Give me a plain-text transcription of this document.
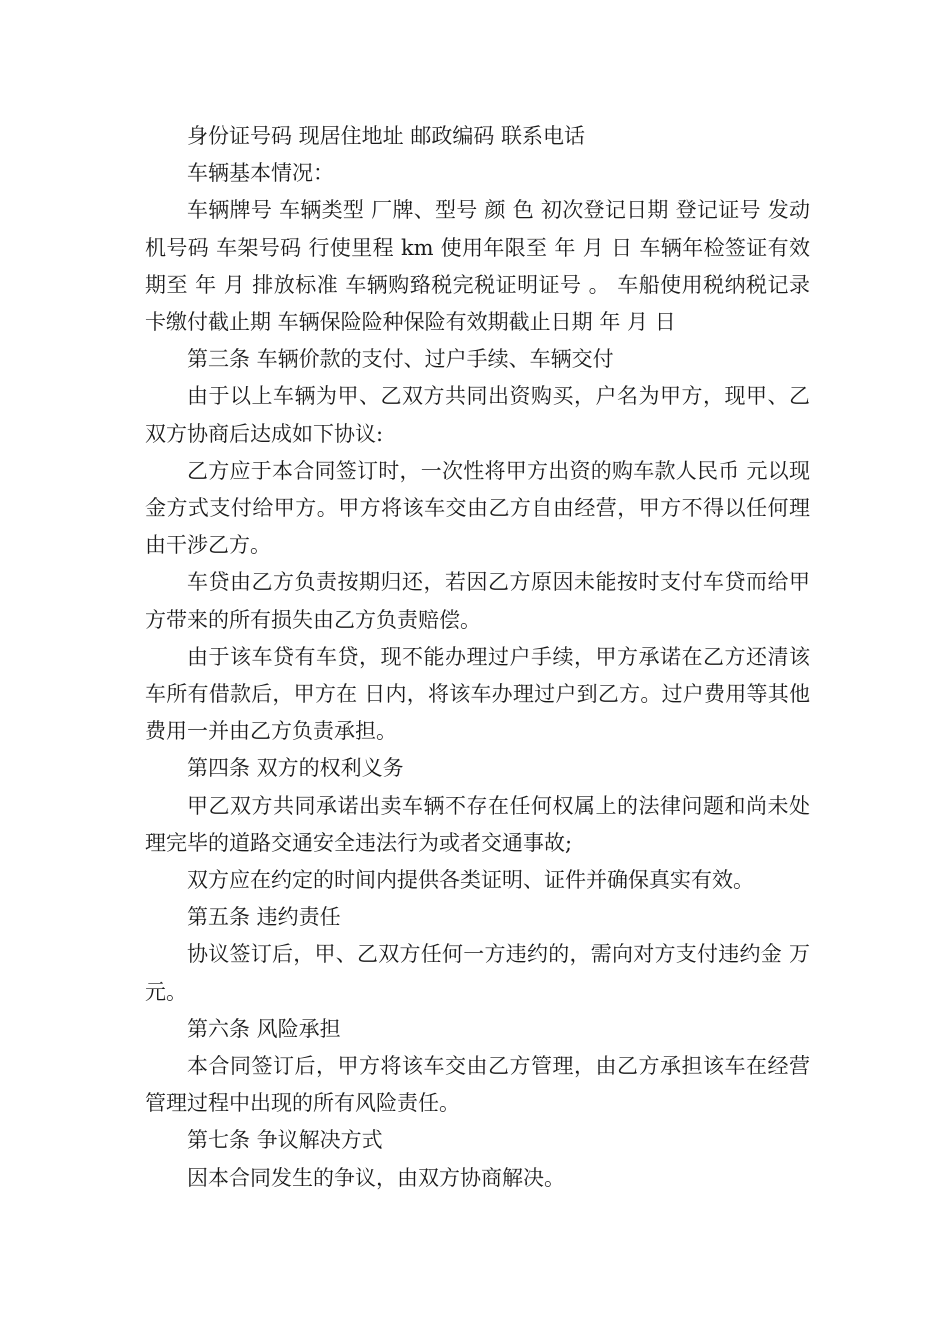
身份证号码 现居住地址 邮政编码 联系电话

车辆基本情况：

车辆牌号 车辆类型 厂牌、型号 颜 色 初次登记日期 登记证号 发动机号码 车架号码 行使里程 km 使用年限至 年 月 日 车辆年检签证有效期至 年 月 排放标准 车辆购臵税完税证明证号 。 车船使用税纳税记录卡缴付截止期 车辆保险险种保险有效期截止日期 年 月 日

第三条 车辆价款的支付、过户手续、车辆交付

由于以上车辆为甲、乙双方共同出资购买，户名为甲方，现甲、乙双方协商后达成如下协议:

乙方应于本合同签订时，一次性将甲方出资的购车款人民币 元以现金方式支付给甲方。甲方将该车交由乙方自由经营，甲方不得以任何理由干涉乙方。

车贷由乙方负责按期归还，若因乙方原因未能按时支付车贷而给甲方带来的所有损失由乙方负责赔偿。

由于该车贷有车贷，现不能办理过户手续，甲方承诺在乙方还清该车所有借款后，甲方在 日内，将该车办理过户到乙方。过户费用等其他费用一并由乙方负责承担。

第四条 双方的权利义务

甲乙双方共同承诺出卖车辆不存在任何权属上的法律问题和尚未处理完毕的道路交通安全违法行为或者交通事故;

双方应在约定的时间内提供各类证明、证件并确保真实有效。

第五条 违约责任

协议签订后，甲、乙双方任何一方违约的，需向对方支付违约金 万元。

第六条 风险承担

本合同签订后，甲方将该车交由乙方管理，由乙方承担该车在经营管理过程中出现的所有风险责任。

第七条 争议解决方式

因本合同发生的争议，由双方协商解决。
